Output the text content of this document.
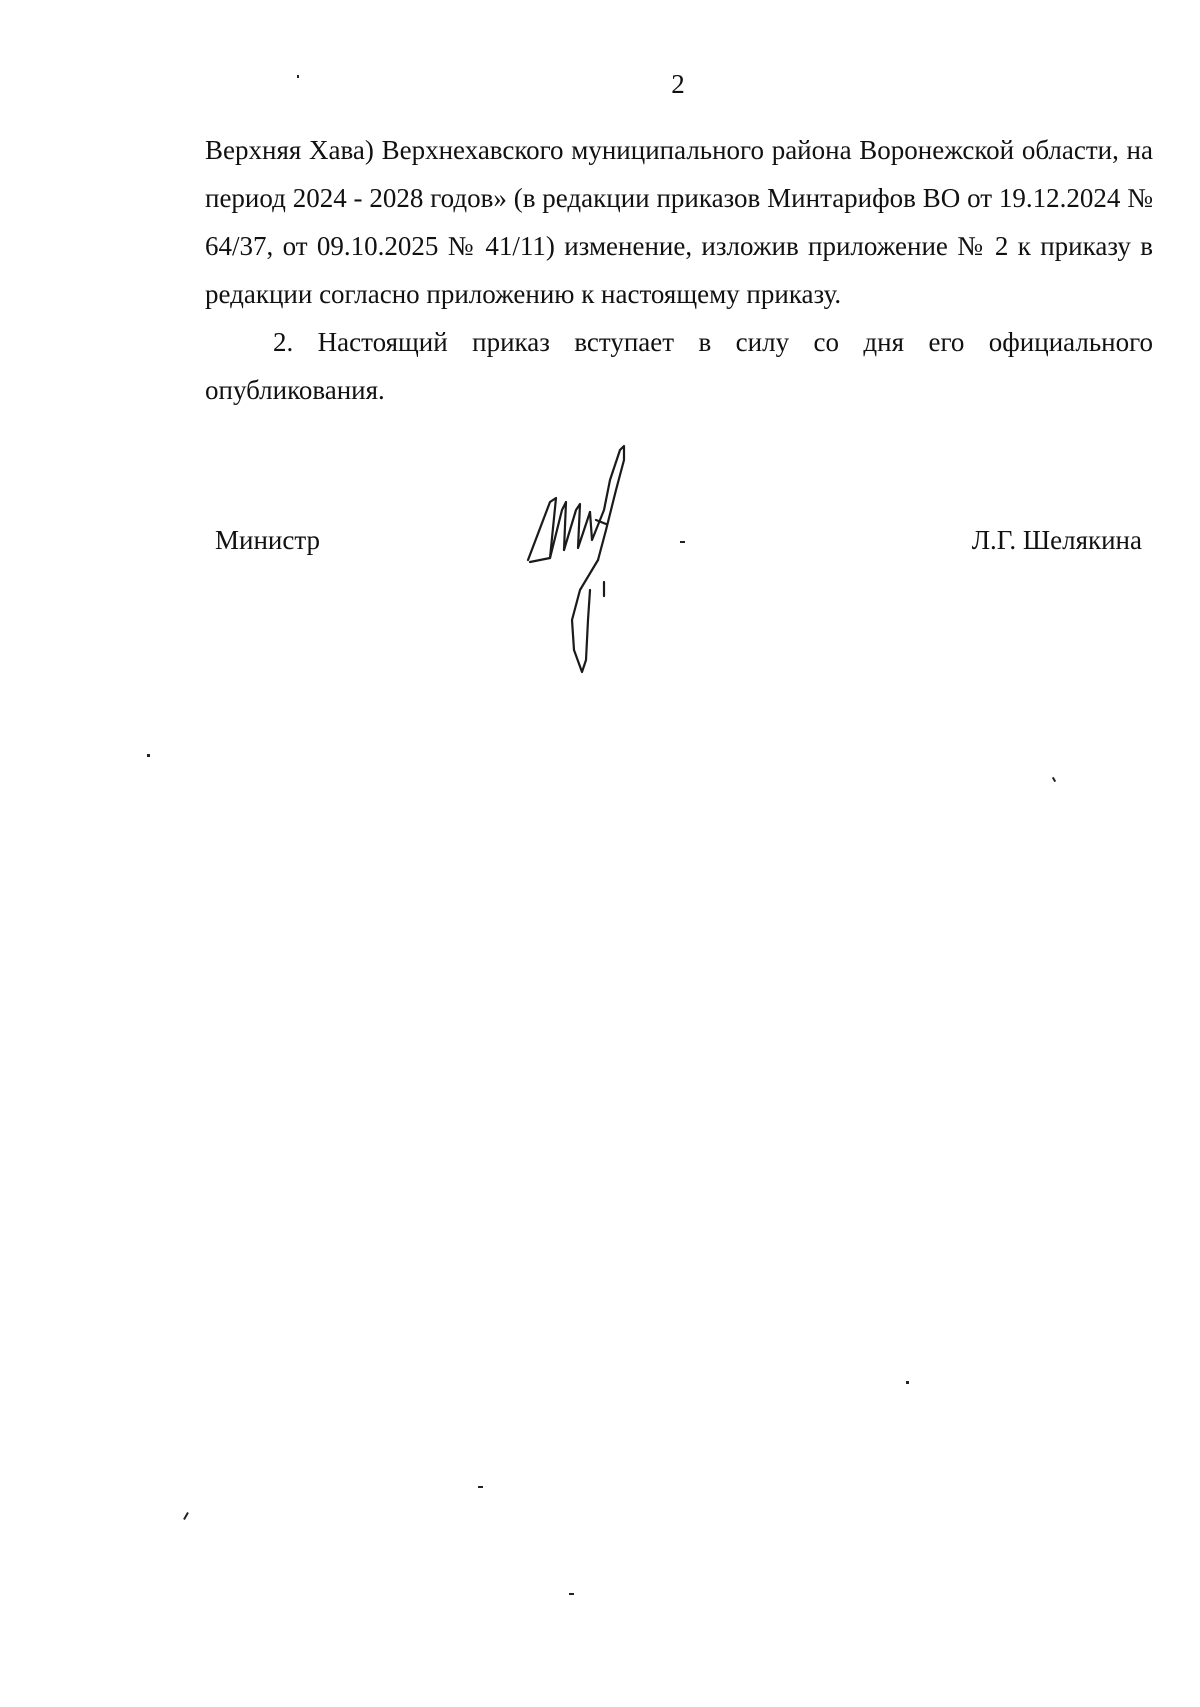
2

Верхняя Хава) Верхнехавского муниципального района Воронежской области, на период 2024 - 2028 годов» (в редакции приказов Минтарифов ВО от 19.12.2024 № 64/37, от 09.10.2025 № 41/11) изменение, изложив приложение № 2 к приказу в редакции согласно приложению к настоящему приказу.

2. Настоящий приказ вступает в силу со дня его официального опубликования.

Министр	Л.Г. Шелякина
